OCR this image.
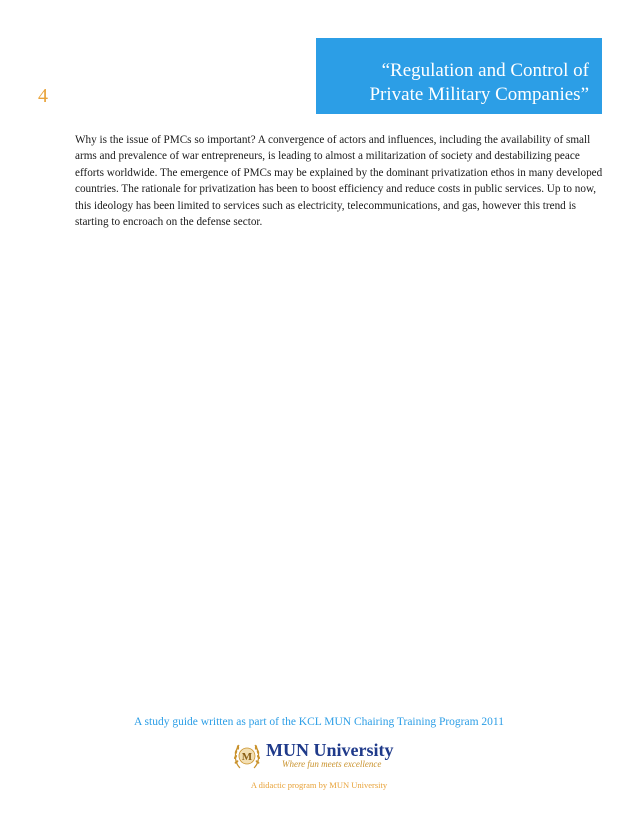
4
“Regulation and Control of
Private Military Companies”

Why is the issue of PMCs so important? A convergence of actors and influences, including the availability of small arms and prevalence of war entrepreneurs, is leading to almost a militarization of society and destabilizing peace efforts worldwide. The emergence of PMCs may be explained by the dominant privatization ethos in many developed countries. The rationale for privatization has been to boost efficiency and reduce costs in public services. Up to now, this ideology has been limited to services such as electricity, telecommunications, and gas, however this trend is starting to encroach on the defense sector.

A study guide written as part of the KCL MUN Chairing Training Program 2011
M MUN University
Where fun meets excellence
A didactic program by MUN University
